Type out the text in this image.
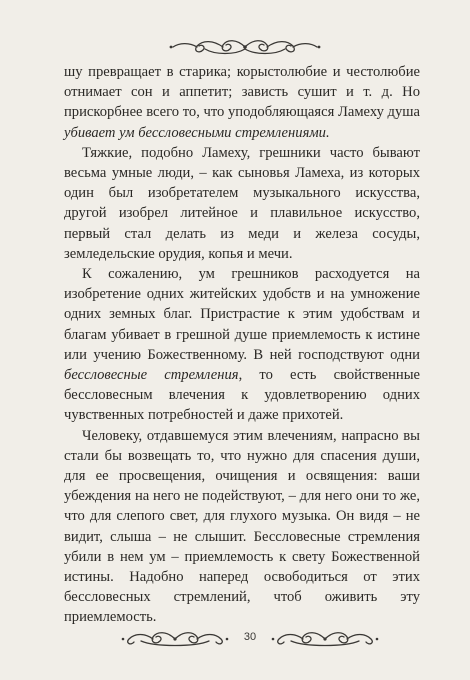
шу превращает в старика; корыстолюбие и честолюбие отнимает сон и аппетит; зависть сушит и т. д. Но прискорбнее всего то, что уподобляющаяся Ламеху душа убивает ум бессловесными стремлениями.

Тяжкие, подобно Ламеху, грешники часто бывают весьма умные люди, – как сыновья Ламеха, из которых один был изобретателем музыкального искусства, другой изобрел литейное и плавильное искусство, первый стал делать из меди и железа сосуды, земледельские орудия, копья и мечи.

К сожалению, ум грешников расходуется на изобретение одних житейских удобств и на умножение одних земных благ. Пристрастие к этим удобствам и благам убивает в грешной душе приемлемость к истине или учению Божественному. В ней господствуют одни бессловесные стремления, то есть свойственные бессловесным влечения к удовлетворению одних чувственных потребностей и даже прихотей.

Человеку, отдавшемуся этим влечениям, напрасно вы стали бы возвещать то, что нужно для спасения души, для ее просвещения, очищения и освящения: ваши убеждения на него не подействуют, – для него они то же, что для слепого свет, для глухого музыка. Он видя – не видит, слыша – не слышит. Бессловесные стремления убили в нем ум – приемлемость к свету Божественной истины. Надобно наперед освободиться от этих бессловесных стремлений, чтоб оживить эту приемлемость.

30
